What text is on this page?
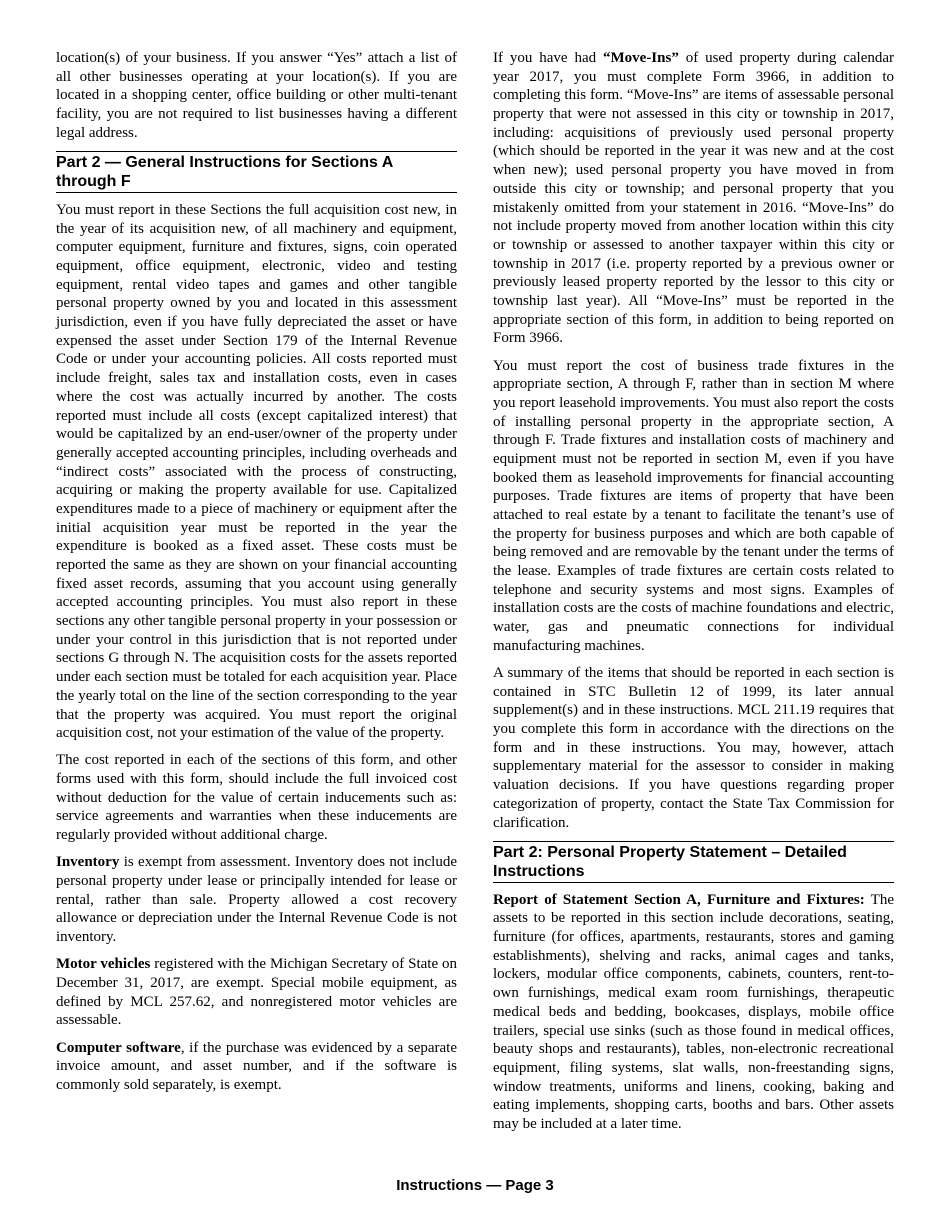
location(s) of your business. If you answer “Yes” attach a list of all other businesses operating at your location(s). If you are located in a shopping center, office building or other multi-tenant facility, you are not required to list businesses having a different legal address.

Part 2 — General Instructions for Sections A through F

You must report in these Sections the full acquisition cost new, in the year of its acquisition new, of all machinery and equipment, computer equipment, furniture and fixtures, signs, coin operated equipment, office equipment, electronic, video and testing equipment, rental video tapes and games and other tangible personal property owned by you and located in this assessment jurisdiction, even if you have fully depreciated the asset or have expensed the asset under Section 179 of the Internal Revenue Code or under your accounting policies. All costs reported must include freight, sales tax and installation costs, even in cases where the cost was actually incurred by another. The costs reported must include all costs (except capitalized interest) that would be capitalized by an end-user/owner of the property under generally accepted accounting principles, including overheads and “indirect costs” associated with the process of constructing, acquiring or making the property available for use. Capitalized expenditures made to a piece of machinery or equipment after the initial acquisition year must be reported in the year the expenditure is booked as a fixed asset. These costs must be reported the same as they are shown on your financial accounting fixed asset records, assuming that you account using generally accepted accounting principles. You must also report in these sections any other tangible personal property in your possession or under your control in this jurisdiction that is not reported under sections G through N. The acquisition costs for the assets reported under each section must be totaled for each acquisition year. Place the yearly total on the line of the section corresponding to the year that the property was acquired. You must report the original acquisition cost, not your estimation of the value of the property.

The cost reported in each of the sections of this form, and other forms used with this form, should include the full invoiced cost without deduction for the value of certain inducements such as: service agreements and warranties when these inducements are regularly provided without additional charge.

Inventory is exempt from assessment. Inventory does not include personal property under lease or principally intended for lease or rental, rather than sale. Property allowed a cost recovery allowance or depreciation under the Internal Revenue Code is not inventory.

Motor vehicles registered with the Michigan Secretary of State on December 31, 2017, are exempt. Special mobile equipment, as defined by MCL 257.62, and nonregistered motor vehicles are assessable.

Computer software, if the purchase was evidenced by a separate invoice amount, and asset number, and if the software is commonly sold separately, is exempt.

If you have had “Move-Ins” of used property during calendar year 2017, you must complete Form 3966, in addition to completing this form. “Move-Ins” are items of assessable personal property that were not assessed in this city or township in 2017, including: acquisitions of previously used personal property (which should be reported in the year it was new and at the cost when new); used personal property you have moved in from outside this city or township; and personal property that you mistakenly omitted from your statement in 2016. “Move-Ins” do not include property moved from another location within this city or township or assessed to another taxpayer within this city or township in 2017 (i.e. property reported by a previous owner or previously leased property reported by the lessor to this city or township last year). All “Move-Ins” must be reported in the appropriate section of this form, in addition to being reported on Form 3966.

You must report the cost of business trade fixtures in the appropriate section, A through F, rather than in section M where you report leasehold improvements. You must also report the costs of installing personal property in the appropriate section, A through F. Trade fixtures and installation costs of machinery and equipment must not be reported in section M, even if you have booked them as leasehold improvements for financial accounting purposes. Trade fixtures are items of property that have been attached to real estate by a tenant to facilitate the tenant’s use of the property for business purposes and which are both capable of being removed and are removable by the tenant under the terms of the lease. Examples of trade fixtures are certain costs related to telephone and security systems and most signs. Examples of installation costs are the costs of machine foundations and electric, water, gas and pneumatic connections for individual manufacturing machines.

A summary of the items that should be reported in each section is contained in STC Bulletin 12 of 1999, its later annual supplement(s) and in these instructions. MCL 211.19 requires that you complete this form in accordance with the directions on the form and in these instructions. You may, however, attach supplementary material for the assessor to consider in making valuation decisions. If you have questions regarding proper categorization of property, contact the State Tax Commission for clarification.

Part 2: Personal Property Statement – Detailed Instructions

Report of Statement Section A, Furniture and Fixtures: The assets to be reported in this section include decorations, seating, furniture (for offices, apartments, restaurants, stores and gaming establishments), shelving and racks, animal cages and tanks, lockers, modular office components, cabinets, counters, rent-to-own furnishings, medical exam room furnishings, therapeutic medical beds and bedding, bookcases, displays, mobile office trailers, special use sinks (such as those found in medical offices, beauty shops and restaurants), tables, non-electronic recreational equipment, filing systems, slat walls, non-freestanding signs, window treatments, uniforms and linens, cooking, baking and eating implements, shopping carts, booths and bars. Other assets may be included at a later time.

Instructions — Page 3
